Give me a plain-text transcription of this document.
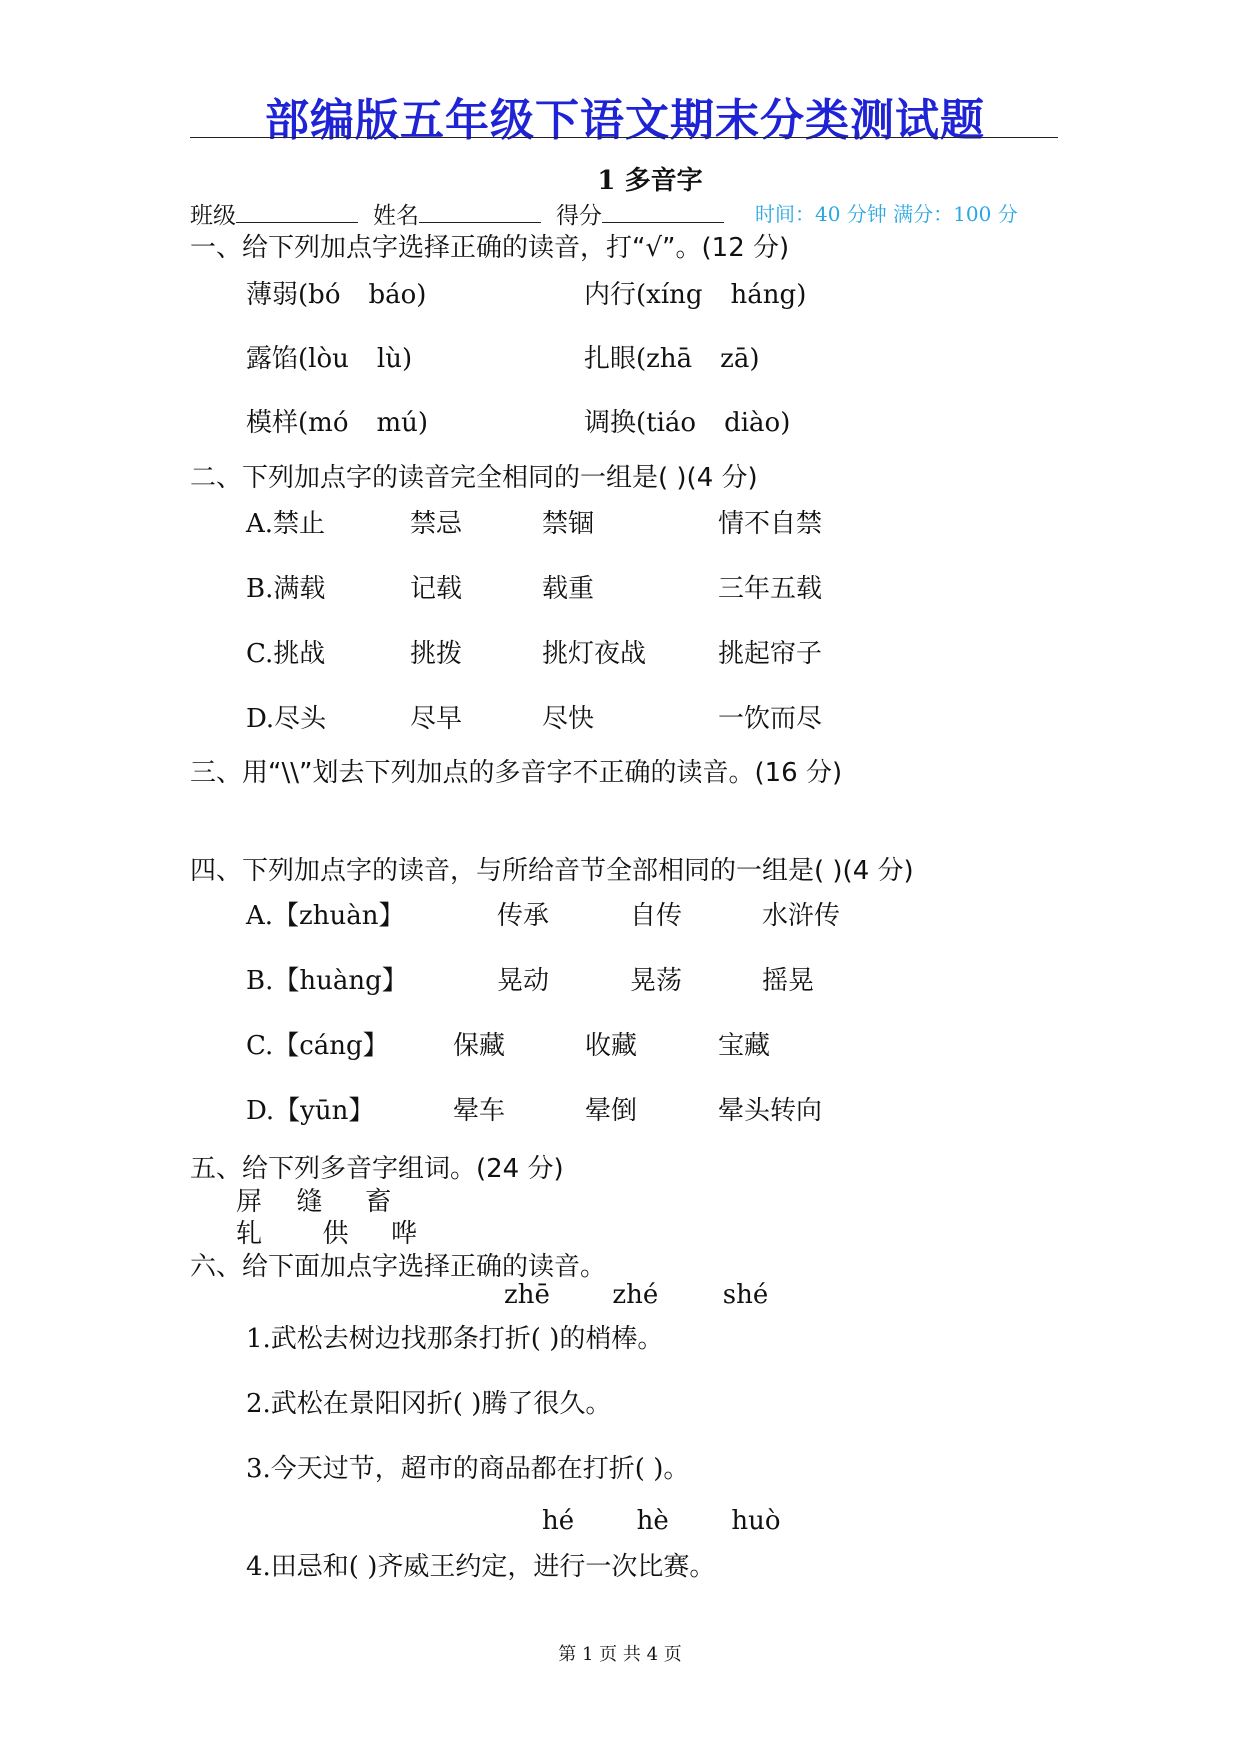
部编版五年级下语文期末分类测试题
1 多音字
班级	姓名	得分	时间：40 分钟 满分：100 分
一、给下列加点字选择正确的读音，打“√”。(12 分)
薄弱(bó báo)	内行(xíng háng)
露馅(lòu lù)	扎眼(zhā zā)
模样(mó mú)	调换(tiáo diào)
二、下列加点字的读音完全相同的一组是( )(4 分)
A.禁止	禁忌	禁锢	情不自禁
B.满载	记载	载重	三年五载
C.挑战	挑拨	挑灯夜战	挑起帘子
D.尽头	尽早	尽快	一饮而尽
三、用“\\”划去下列加点的多音字不正确的读音。(16 分)
四、下列加点字的读音，与所给音节全部相同的一组是( )(4 分)
A.【zhuàn】	传承	自传	水浒传
B.【huàng】	晃动	晃荡	摇晃
C.【cáng】 保藏	收藏	宝藏
D.【yūn】	晕车	晕倒	晕头转向
五、给下列多音字组词。(24 分)
屏 缝 畜
轧 供 哗
六、给下面加点字选择正确的读音。
zhē zhé shé
1.武松去树边找那条打折( )的梢棒。
2.武松在景阳冈折( )腾了很久。
3.今天过节，超市的商品都在打折( )。
hé hè huò
4.田忌和( )齐威王约定，进行一次比赛。
第 1 页 共 4 页
